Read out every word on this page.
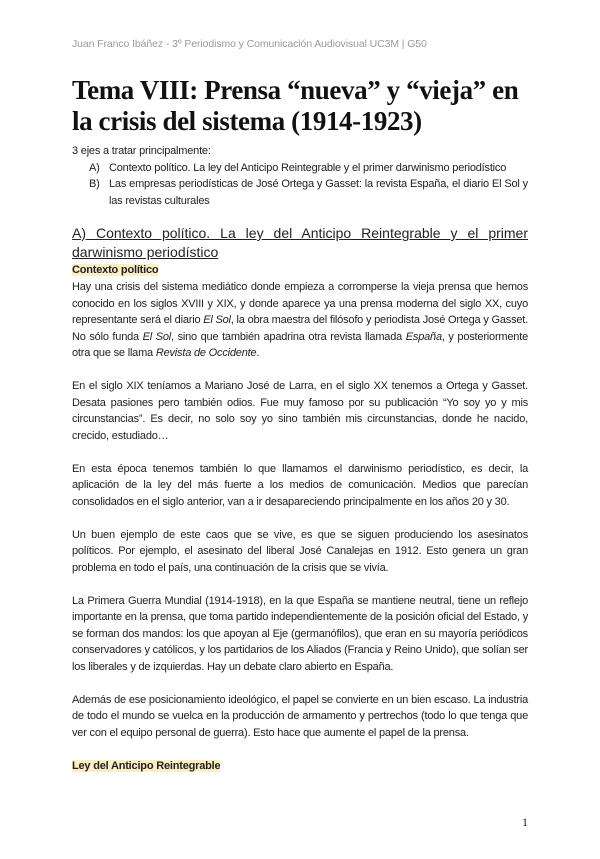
Juan Franco Ibáñez - 3º Periodismo y Comunicación Audiovisual UC3M | G50
Tema VIII: Prensa “nueva” y “vieja” en la crisis del sistema (1914-1923)
3 ejes a tratar principalmente:
A) Contexto político. La ley del Anticipo Reintegrable y el primer darwinismo periodístico
B) Las empresas periodísticas de José Ortega y Gasset: la revista España, el diario El Sol y las revistas culturales
A) Contexto político. La ley del Anticipo Reintegrable y el primer darwinismo periodístico
Contexto político

Hay una crisis del sistema mediático donde empieza a corromperse la vieja prensa que hemos conocido en los siglos XVIII y XIX, y donde aparece ya una prensa moderna del siglo XX, cuyo representante será el diario El Sol, la obra maestra del filósofo y periodista José Ortega y Gasset. No sólo funda El Sol, sino que también apadrina otra revista llamada España, y posteriormente otra que se llama Revista de Occidente.

En el siglo XIX teníamos a Mariano José de Larra, en el siglo XX tenemos a Ortega y Gasset. Desata pasiones pero también odios. Fue muy famoso por su publicación “Yo soy yo y mis circunstancias”. Es decir, no solo soy yo sino también mis circunstancias, donde he nacido, crecido, estudiado…

En esta época tenemos también lo que llamamos el darwinismo periodístico, es decir, la aplicación de la ley del más fuerte a los medios de comunicación. Medios que parecían consolidados en el siglo anterior, van a ir desapareciendo principalmente en los años 20 y 30.

Un buen ejemplo de este caos que se vive, es que se siguen produciendo los asesinatos políticos. Por ejemplo, el asesinato del liberal José Canalejas en 1912. Esto genera un gran problema en todo el país, una continuación de la crisis que se vivía.

La Primera Guerra Mundial (1914-1918), en la que España se mantiene neutral, tiene un reflejo importante en la prensa, que toma partido independientemente de la posición oficial del Estado, y se forman dos mandos: los que apoyan al Eje (germanófilos), que eran en su mayoría periódicos conservadores y católicos, y los partidarios de los Aliados (Francia y Reino Unido), que solían ser los liberales y de izquierdas. Hay un debate claro abierto en España.

Además de ese posicionamiento ideológico, el papel se convierte en un bien escaso. La industria de todo el mundo se vuelca en la producción de armamento y pertrechos (todo lo que tenga que ver con el equipo personal de guerra). Esto hace que aumente el papel de la prensa.

Ley del Anticipo Reintegrable
1
